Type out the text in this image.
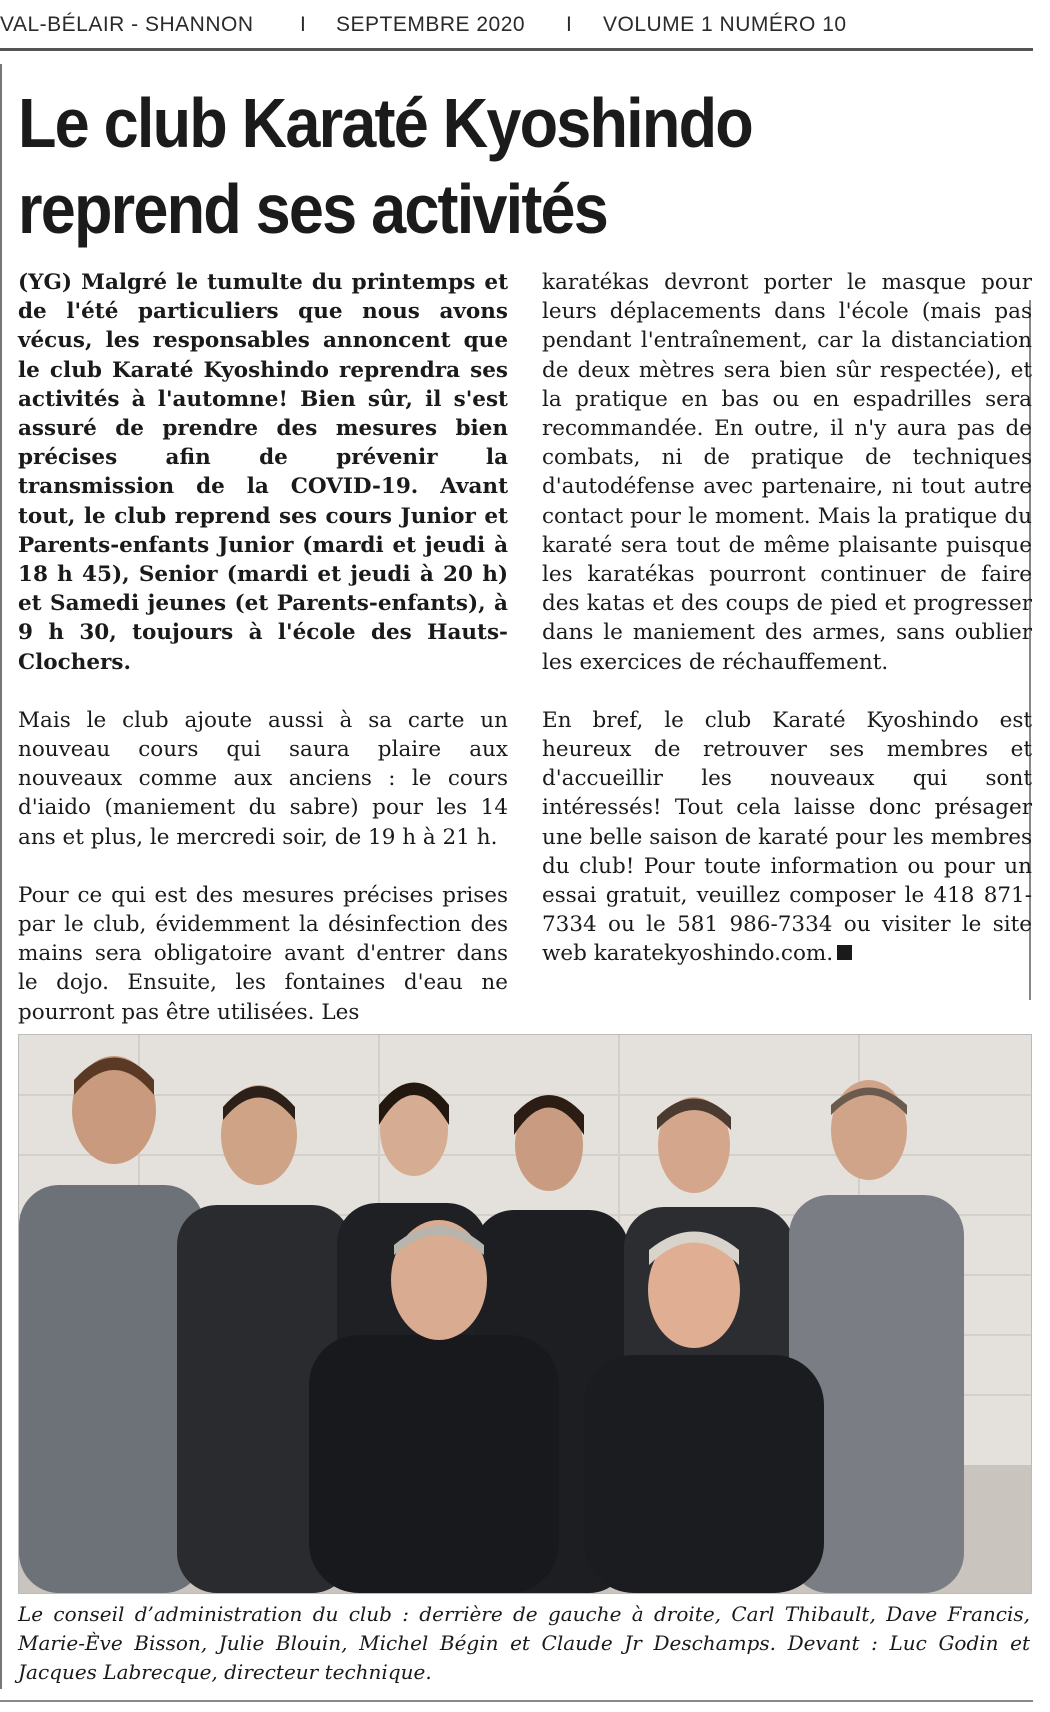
VAL-BÉLAIR - SHANNON I SEPTEMBRE 2020 I VOLUME 1 NUMÉRO 10
Le club Karaté Kyoshindo
reprend ses activités

(YG) Malgré le tumulte du printemps et de l'été particuliers que nous avons vécus, les responsables annoncent que le club Karaté Kyoshindo reprendra ses activités à l'automne! Bien sûr, il s'est assuré de prendre des mesures bien précises afin de prévenir la transmission de la COVID-19. Avant tout, le club reprend ses cours Junior et Parents-enfants Junior (mardi et jeudi à 18 h 45), Senior (mardi et jeudi à 20 h) et Samedi jeunes (et Parents-enfants), à 9 h 30, toujours à l'école des Hauts-Clochers.

Mais le club ajoute aussi à sa carte un nouveau cours qui saura plaire aux nouveaux comme aux anciens : le cours d'iaido (maniement du sabre) pour les 14 ans et plus, le mercredi soir, de 19 h à 21 h.

Pour ce qui est des mesures précises prises par le club, évidemment la désinfection des mains sera obligatoire avant d'entrer dans le dojo. Ensuite, les fontaines d'eau ne pourront pas être utilisées. Les

karatékas devront porter le masque pour leurs déplacements dans l'école (mais pas pendant l'entraînement, car la distanciation de deux mètres sera bien sûr respectée), et la pratique en bas ou en espadrilles sera recommandée. En outre, il n'y aura pas de combats, ni de pratique de techniques d'autodéfense avec partenaire, ni tout autre contact pour le moment. Mais la pratique du karaté sera tout de même plaisante puisque les karatékas pourront continuer de faire des katas et des coups de pied et progresser dans le maniement des armes, sans oublier les exercices de réchauffement.

En bref, le club Karaté Kyoshindo est heureux de retrouver ses membres et d'accueillir les nouveaux qui sont intéressés! Tout cela laisse donc présager une belle saison de karaté pour les membres du club! Pour toute information ou pour un essai gratuit, veuillez composer le 418 871-7334 ou le 581 986-7334 ou visiter le site web karatekyoshindo.com.

Le conseil d’administration du club : derrière de gauche à droite, Carl Thibault, Dave Francis, Marie-Ève Bisson, Julie Blouin, Michel Bégin et Claude Jr Deschamps. Devant : Luc Godin et Jacques Labrecque, directeur technique.
